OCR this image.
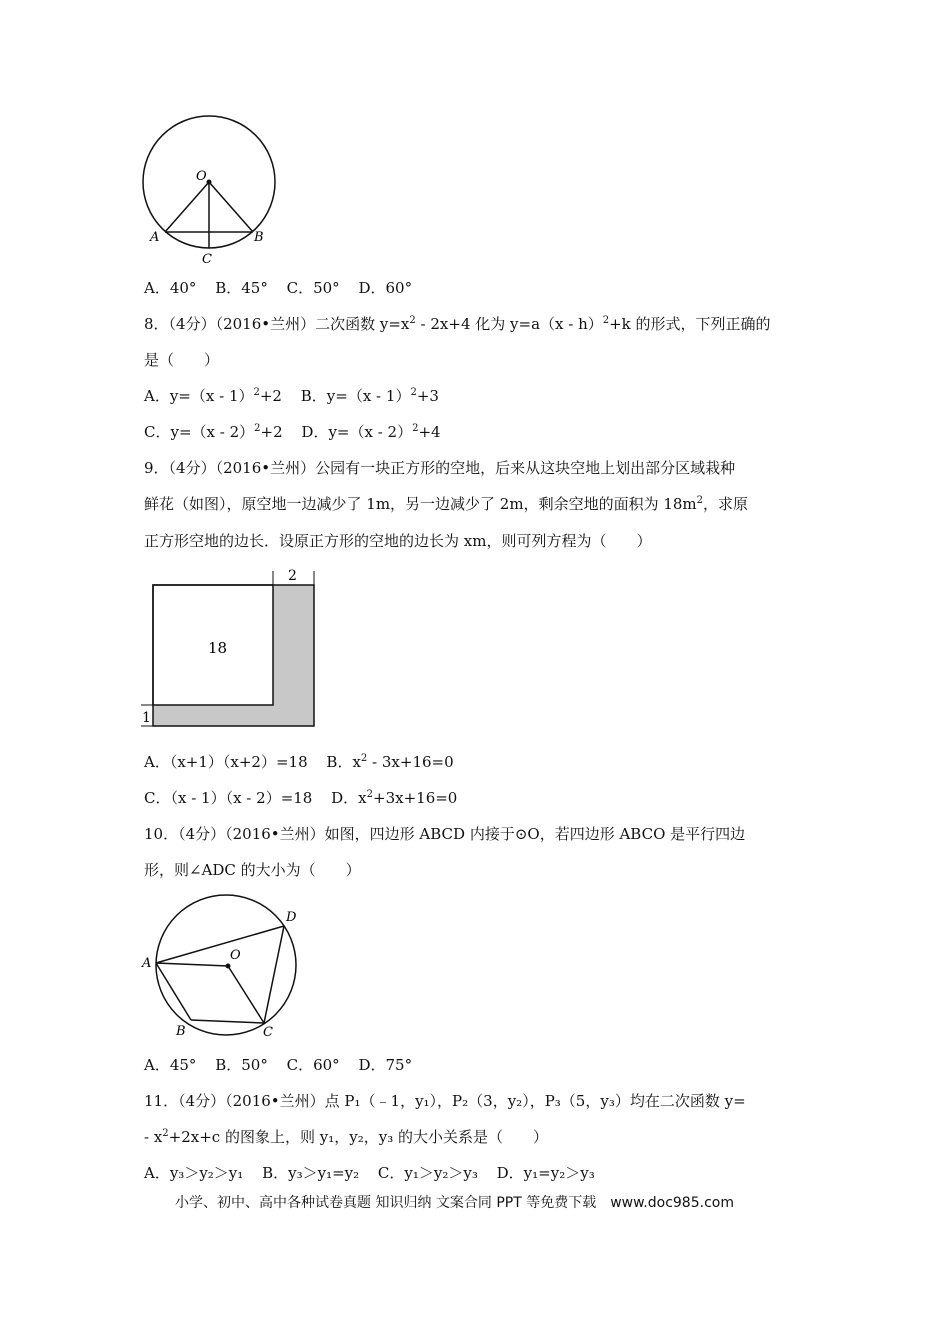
O
A	B
C
A．40° B．45° C．50° D．60°
8．（4分）（2016•兰州）二次函数 $y=x^2 - 2x+4$ 化为 y=a（x - h）$^2$+k 的形式，下列正确的
是（　　）
A．y=（x - 1）$^2$+2 B．y=（x - 1）$^2$+3
C．y=（x - 2）$^2$+2 D．y=（x - 2）$^2$+4
9．（4分）（2016•兰州）公园有一块正方形的空地，后来从这块空地上划出部分区域栽种
鲜花（如图），原空地一边减少了 1m，另一边减少了 2m，剩余空地的面积为 $18m^2$，求原
正方形空地的边长．设原正方形的空地的边长为 xm，则可列方程为（　　）
18
2
1
A．（x+1）（x+2）=18 B．$x^2 - 3x+16=0$
C．（x - 1）（x - 2）=18 D．$x^2+3x+16=0$
10．（4分）（2016•兰州）如图，四边形 ABCD 内接于⊙O，若四边形 ABCO 是平行四边
形，则∠ADC 的大小为（　　）
A
B	C
D
O
A．45° B．50° C．60° D．75°
11．（4分）（2016•兰州）点 P₁（﹣1，y₁），P₂（3，y₂），P₃（5，y₃）均在二次函数 y=
- $x^2+2x+c$ 的图象上，则 y₁，y₂，y₃ 的大小关系是（　　）
A．y₃＞y₂＞y₁ B．y₃＞y₁=y₂ C．y₁＞y₂＞y₃ D．y₁=y₂＞y₃
小学、初中、高中各种试卷真题 知识归纳 文案合同 PPT 等免费下载　www.doc985.com
